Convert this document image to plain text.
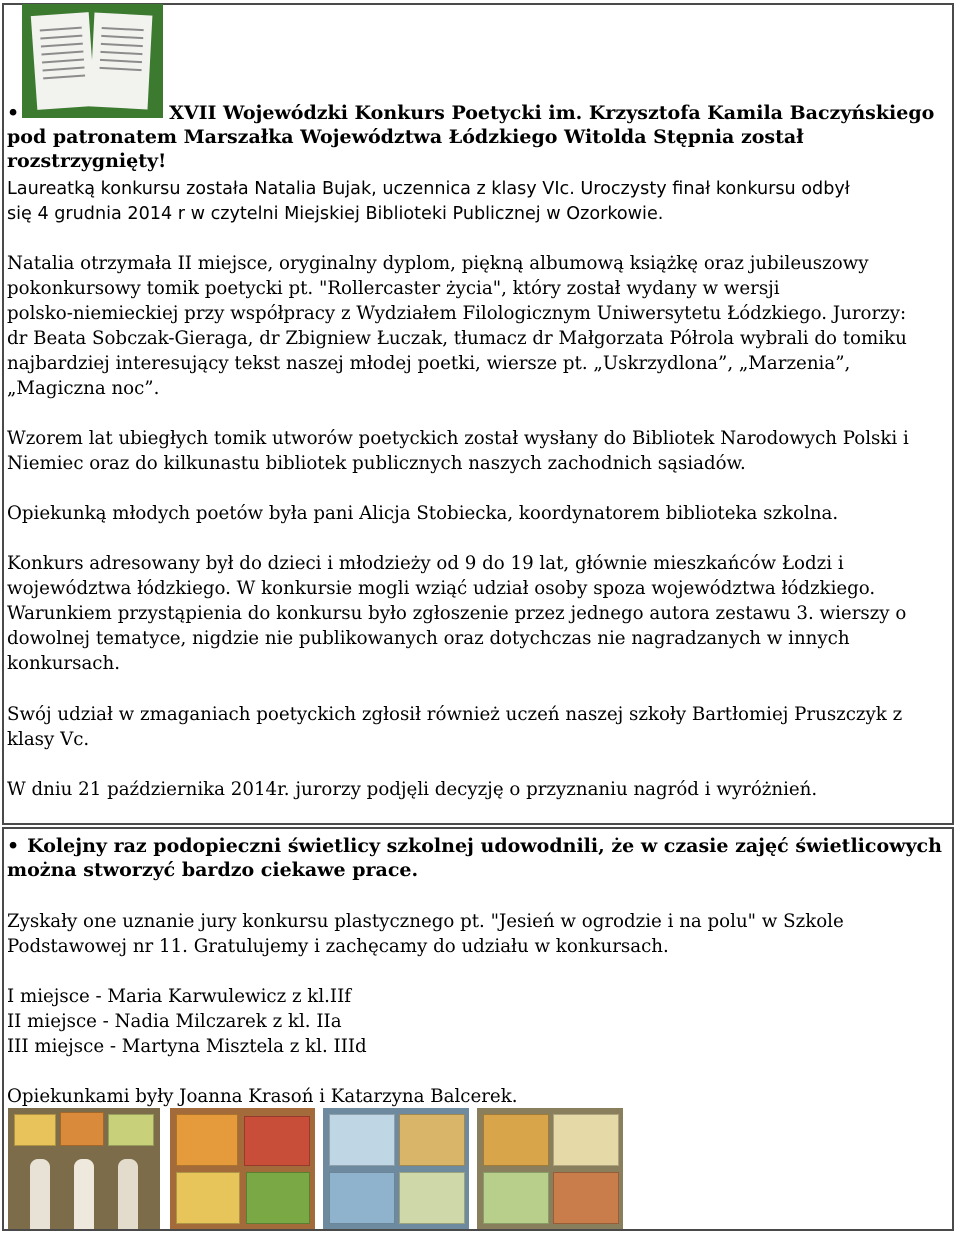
•	XVII Wojewódzki Konkurs Poetycki im. Krzysztofa Kamila Baczyńskiego
pod patronatem Marszałka Województwa Łódzkiego Witolda Stępnia został rozstrzygnięty!

Laureatką konkursu została Natalia Bujak, uczennica z klasy VIc. Uroczysty finał konkursu odbył
się 4 grudnia 2014 r w czytelni Miejskiej Biblioteki Publicznej w Ozorkowie.

Natalia otrzymała II miejsce, oryginalny dyplom, piękną albumową książkę oraz jubileuszowy
pokonkursowy tomik poetycki pt. "Rollercaster życia", który został wydany w wersji
polsko-niemieckiej przy współpracy z Wydziałem Filologicznym Uniwersytetu Łódzkiego. Jurorzy:
dr Beata Sobczak-Gieraga, dr Zbigniew Łuczak, tłumacz dr Małgorzata Półrola wybrali do tomiku
najbardziej interesujący tekst naszej młodej poetki, wiersze pt. „Uskrzydlona”, „Marzenia”,
„Magiczna noc”.

Wzorem lat ubiegłych tomik utworów poetyckich został wysłany do Bibliotek Narodowych Polski i
Niemiec oraz do kilkunastu bibliotek publicznych naszych zachodnich sąsiadów.

Opiekunką młodych poetów była pani Alicja Stobiecka, koordynatorem biblioteka szkolna.

Konkurs adresowany był do dzieci i młodzieży od 9 do 19 lat, głównie mieszkańców Łodzi i
województwa łódzkiego. W konkursie mogli wziąć udział osoby spoza województwa łódzkiego.
Warunkiem przystąpienia do konkursu było zgłoszenie przez jednego autora zestawu 3. wierszy o
dowolnej tematyce, nigdzie nie publikowanych oraz dotychczas nie nagradzanych w innych
konkursach.

Swój udział w zmaganiach poetyckich zgłosił również uczeń naszej szkoły Bartłomiej Pruszczyk z
klasy Vc.

W dniu 21 października 2014r. jurorzy podjęli decyzję o przyznaniu nagród i wyróżnień.

• Kolejny raz podopieczni świetlicy szkolnej udowodnili, że w czasie zajęć świetlicowych
można stworzyć bardzo ciekawe prace.

Zyskały one uznanie jury konkursu plastycznego pt. "Jesień w ogrodzie i na polu" w Szkole
Podstawowej nr 11. Gratulujemy i zachęcamy do udziału w konkursach.

I miejsce - Maria Karwulewicz z kl.IIf
II miejsce - Nadia Milczarek z kl. IIa
III miejsce - Martyna Misztela z kl. IIId

Opiekunkami były Joanna Krasoń i Katarzyna Balcerek.
